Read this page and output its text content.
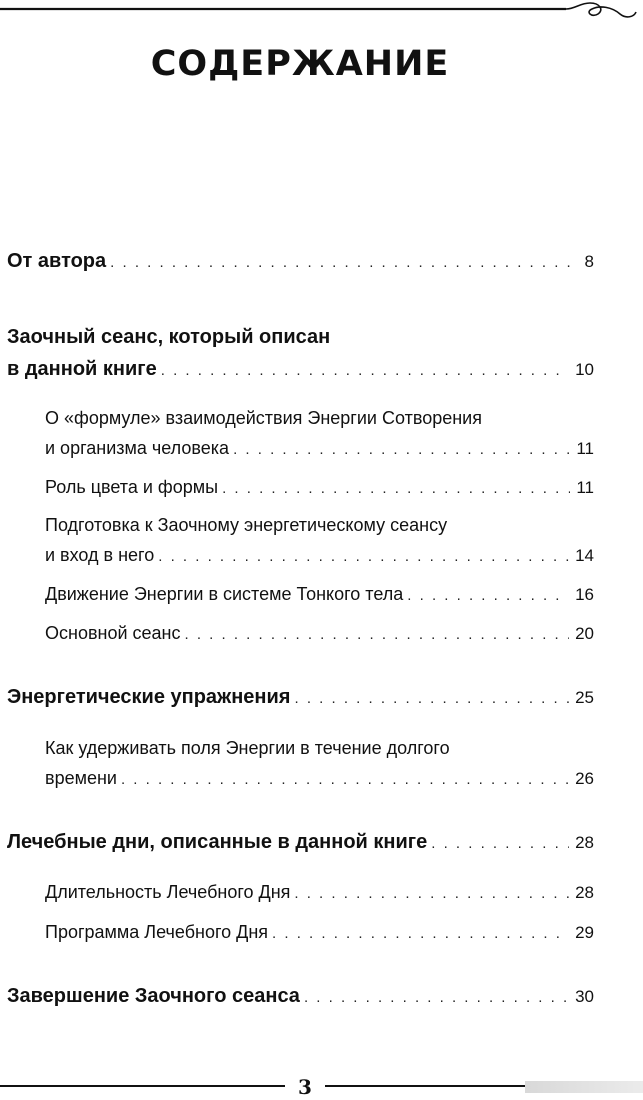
СОДЕРЖАНИЕ
От автора . . .	8
Заочный сеанс, который описан
в данной книге . . .	10
О «формуле» взаимодействия Энергии Сотворения
и организма человека . . .	11
Роль цвета и формы . . .	11
Подготовка к Заочному энергетическому сеансу
и вход в него . . .	14
Движение Энергии в системе Тонкого тела . . .	16
Основной сеанс . . .	20
Энергетические упражнения . . .	25
Как удерживать поля Энергии в течение долгого
времени . . .	26
Лечебные дни, описанные в данной книге . . .	28
Длительность Лечебного Дня . . .	28
Программа Лечебного Дня . . .	29
Завершение Заочного сеанса . . .	30
3
